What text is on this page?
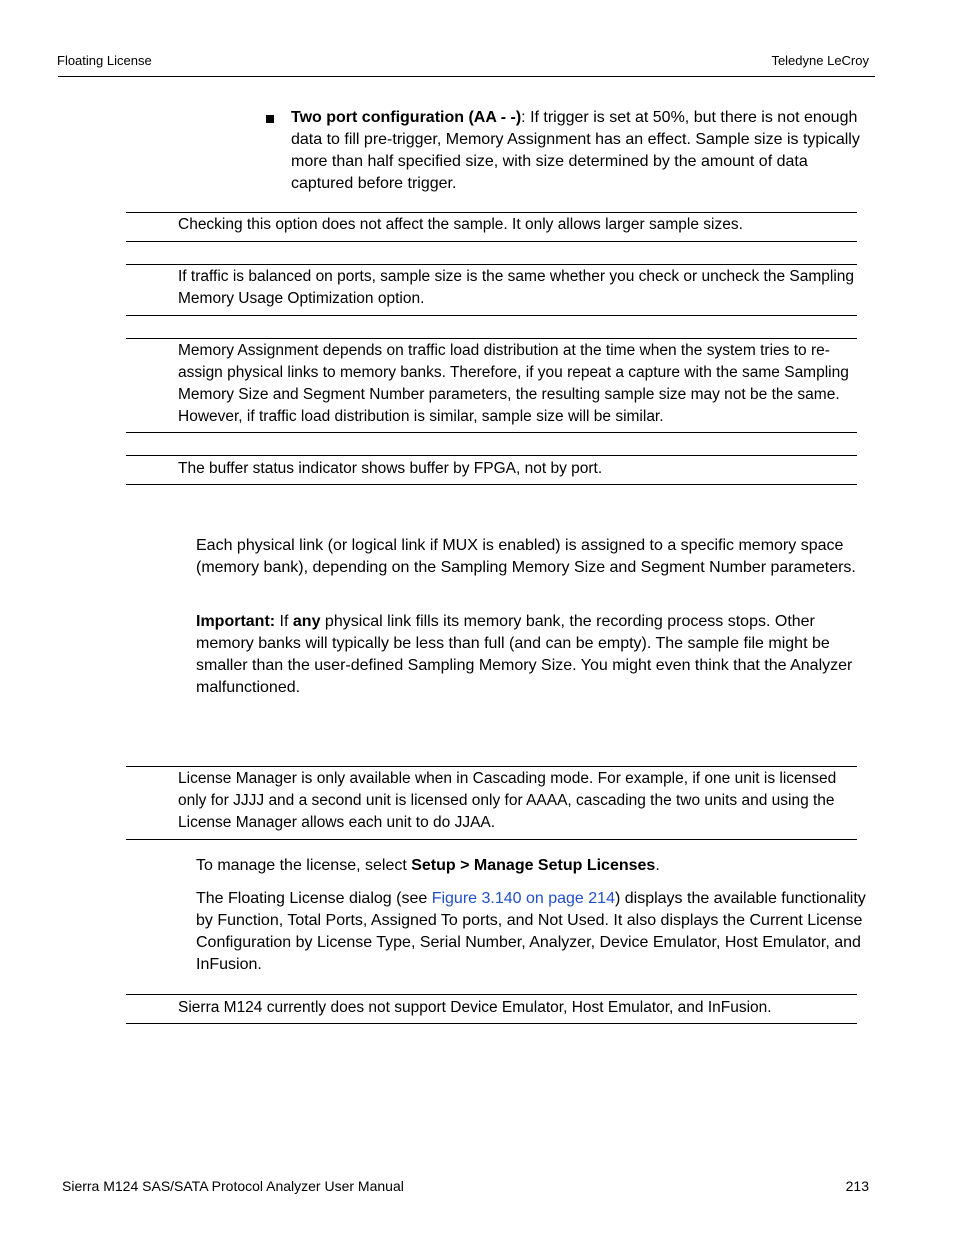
Floating License	Teledyne LeCroy

Two port configuration (AA - -): If trigger is set at 50%, but there is not enough data to fill pre-trigger, Memory Assignment has an effect. Sample size is typically more than half specified size, with size determined by the amount of data captured before trigger.

Checking this option does not affect the sample. It only allows larger sample sizes.

If traffic is balanced on ports, sample size is the same whether you check or uncheck the Sampling Memory Usage Optimization option.

Memory Assignment depends on traffic load distribution at the time when the system tries to re-assign physical links to memory banks. Therefore, if you repeat a capture with the same Sampling Memory Size and Segment Number parameters, the resulting sample size may not be the same. However, if traffic load distribution is similar, sample size will be similar.

The buffer status indicator shows buffer by FPGA, not by port.

Each physical link (or logical link if MUX is enabled) is assigned to a specific memory space (memory bank), depending on the Sampling Memory Size and Segment Number parameters.

Important: If any physical link fills its memory bank, the recording process stops. Other memory banks will typically be less than full (and can be empty). The sample file might be smaller than the user-defined Sampling Memory Size. You might even think that the Analyzer malfunctioned.

License Manager is only available when in Cascading mode. For example, if one unit is licensed only for JJJJ and a second unit is licensed only for AAAA, cascading the two units and using the License Manager allows each unit to do JJAA.

To manage the license, select Setup > Manage Setup Licenses.

The Floating License dialog (see Figure 3.140 on page 214) displays the available functionality by Function, Total Ports, Assigned To ports, and Not Used. It also displays the Current License Configuration by License Type, Serial Number, Analyzer, Device Emulator, Host Emulator, and InFusion.

Sierra M124 currently does not support Device Emulator, Host Emulator, and InFusion.

Sierra M124 SAS/SATA Protocol Analyzer User Manual	213
